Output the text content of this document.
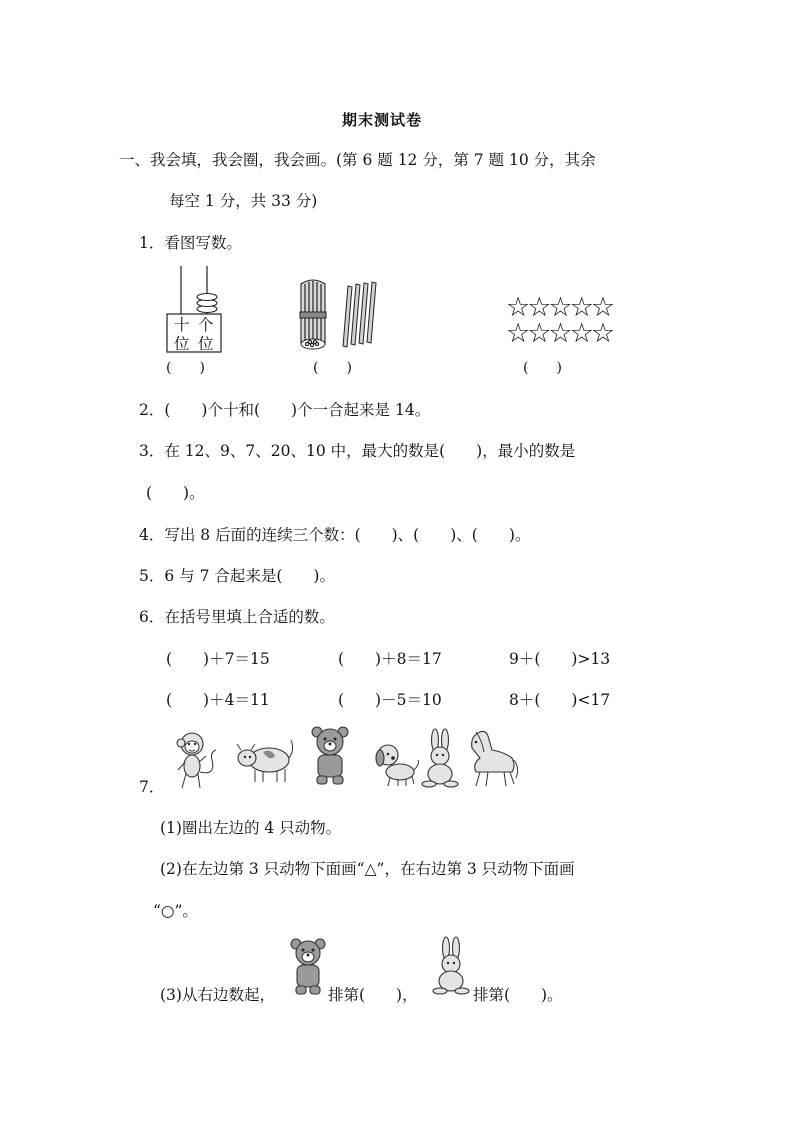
期末测试卷
一、我会填，我会圈，我会画。(第 6 题 12 分，第 7 题 10 分，其余
每空 1 分，共 33 分)
1．看图写数。
十 个
位 位
☆☆☆☆☆
☆☆☆☆☆
(　　)	(　　)	(　　)
2．(　　)个十和(　　)个一合起来是 14。
3．在 12、9、7、20、10 中，最大的数是(　　)，最小的数是
(　　)。
4．写出 8 后面的连续三个数：(　　)、(　　)、(　　)。
5．6 与 7 合起来是(　　)。
6．在括号里填上合适的数。
(　　)＋7＝15	(　　)＋8＝17	9＋(　　)>13
(　　)＋4＝11	(　　)－5＝10	8＋(　　)<17
7．
(1)圈出左边的 4 只动物。
(2)在左边第 3 只动物下面画“△”，在右边第 3 只动物下面画
“○”。
(3)从右边数起，	排第(　　)，	排第(　　)。
